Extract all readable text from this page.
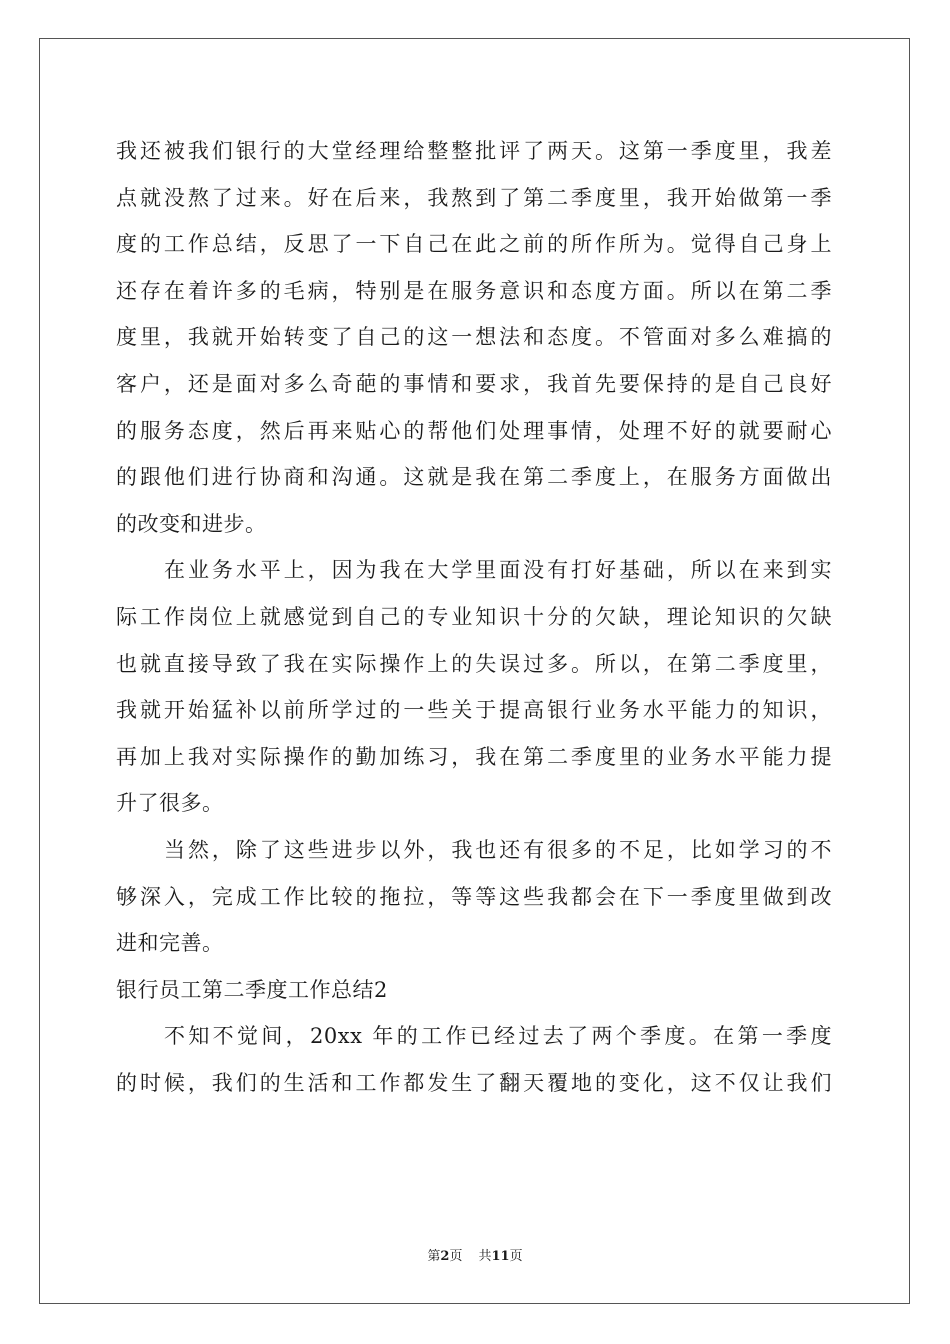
我还被我们银行的大堂经理给整整批评了两天。这第一季度里，我差
点就没熬了过来。好在后来，我熬到了第二季度里，我开始做第一季
度的工作总结，反思了一下自己在此之前的所作所为。觉得自己身上
还存在着许多的毛病，特别是在服务意识和态度方面。所以在第二季
度里，我就开始转变了自己的这一想法和态度。不管面对多么难搞的
客户，还是面对多么奇葩的事情和要求，我首先要保持的是自己良好
的服务态度，然后再来贴心的帮他们处理事情，处理不好的就要耐心
的跟他们进行协商和沟通。这就是我在第二季度上，在服务方面做出
的改变和进步。
在业务水平上，因为我在大学里面没有打好基础，所以在来到实
际工作岗位上就感觉到自己的专业知识十分的欠缺，理论知识的欠缺
也就直接导致了我在实际操作上的失误过多。所以，在第二季度里，
我就开始猛补以前所学过的一些关于提高银行业务水平能力的知识，
再加上我对实际操作的勤加练习，我在第二季度里的业务水平能力提
升了很多。
当然，除了这些进步以外，我也还有很多的不足，比如学习的不
够深入，完成工作比较的拖拉，等等这些我都会在下一季度里做到改
进和完善。
银行员工第二季度工作总结2
不知不觉间，20xx 年的工作已经过去了两个季度。在第一季度
的时候，我们的生活和工作都发生了翻天覆地的变化，这不仅让我们
第2页 共11页
